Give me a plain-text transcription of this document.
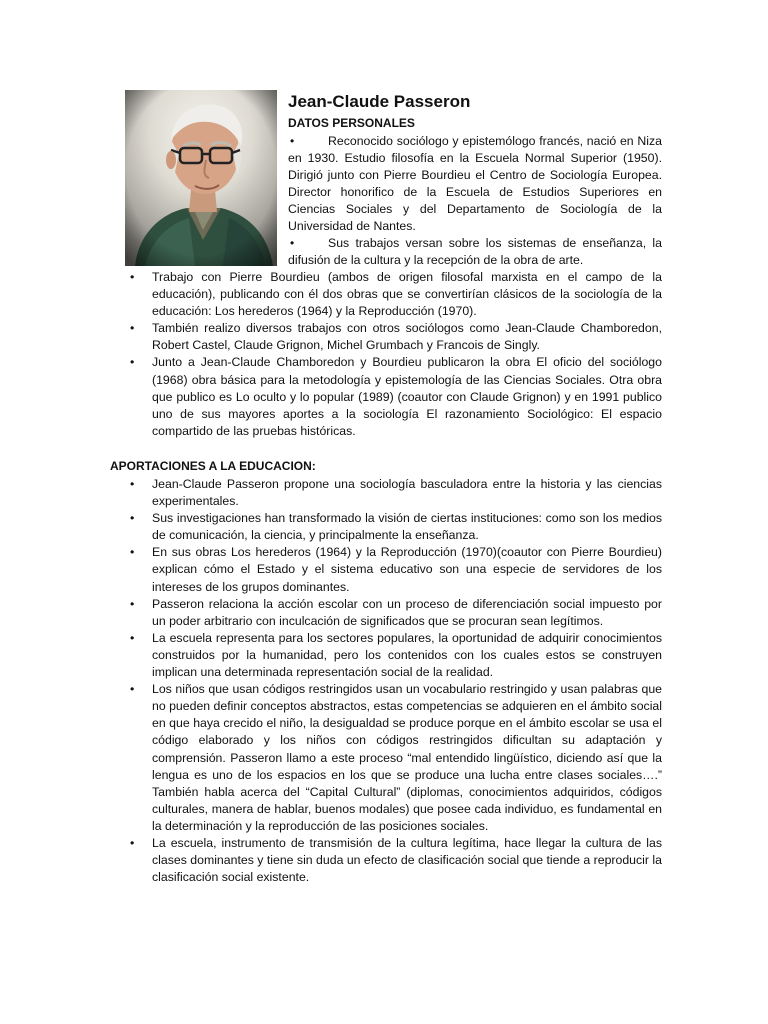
Jean-Claude Passeron
DATOS PERSONALES
•	Reconocido sociólogo y epistemólogo francés, nació en Niza en 1930. Estudio filosofía en la Escuela Normal Superior (1950). Dirigió junto con Pierre Bourdieu el Centro de Sociología Europea. Director honorifico de la Escuela de Estudios Superiores en Ciencias Sociales y del Departamento de Sociología de la Universidad de Nantes.
•	Sus trabajos versan sobre los sistemas de enseñanza, la difusión de la cultura y la recepción de la obra de arte.
• Trabajo con Pierre Bourdieu (ambos de origen filosofal marxista en el campo de la educación), publicando con él dos obras que se convertirían clásicos de la sociología de la educación: Los herederos (1964) y la Reproducción (1970).
• También realizo diversos trabajos con otros sociólogos como Jean-Claude Chamboredon, Robert Castel, Claude Grignon, Michel Grumbach y Francois de Singly.
• Junto a Jean-Claude Chamboredon y Bourdieu publicaron la obra El oficio del sociólogo (1968) obra básica para la metodología y epistemología de las Ciencias Sociales. Otra obra que publico es Lo oculto y lo popular (1989) (coautor con Claude Grignon) y en 1991 publico uno de sus mayores aportes a la sociología El razonamiento Sociológico: El espacio compartido de las pruebas históricas.
APORTACIONES A LA EDUCACION:
• Jean-Claude Passeron propone una sociología basculadora entre la historia y las ciencias experimentales.
• Sus investigaciones han transformado la visión de ciertas instituciones: como son los medios de comunicación, la ciencia, y principalmente la enseñanza.
• En sus obras Los herederos (1964) y la Reproducción (1970)(coautor con Pierre Bourdieu) explican cómo el Estado y el sistema educativo son una especie de servidores de los intereses de los grupos dominantes.
• Passeron relaciona la acción escolar con un proceso de diferenciación social impuesto por un poder arbitrario con inculcación de significados que se procuran sean legítimos.
• La escuela representa para los sectores populares, la oportunidad de adquirir conocimientos construidos por la humanidad, pero los contenidos con los cuales estos se construyen implican una determinada representación social de la realidad.
• Los niños que usan códigos restringidos usan un vocabulario restringido y usan palabras que no pueden definir conceptos abstractos, estas competencias se adquieren en el ámbito social en que haya crecido el niño, la desigualdad se produce porque en el ámbito escolar se usa el código elaborado y los niños con códigos restringidos dificultan su adaptación y comprensión. Passeron llamo a este proceso “mal entendido lingüístico, diciendo así que la lengua es uno de los espacios en los que se produce una lucha entre clases sociales….” También habla acerca del “Capital Cultural” (diplomas, conocimientos adquiridos, códigos culturales, manera de hablar, buenos modales) que posee cada individuo, es fundamental en la determinación y la reproducción de las posiciones sociales.
• La escuela, instrumento de transmisión de la cultura legítima, hace llegar la cultura de las clases dominantes y tiene sin duda un efecto de clasificación social que tiende a reproducir la clasificación social existente.
